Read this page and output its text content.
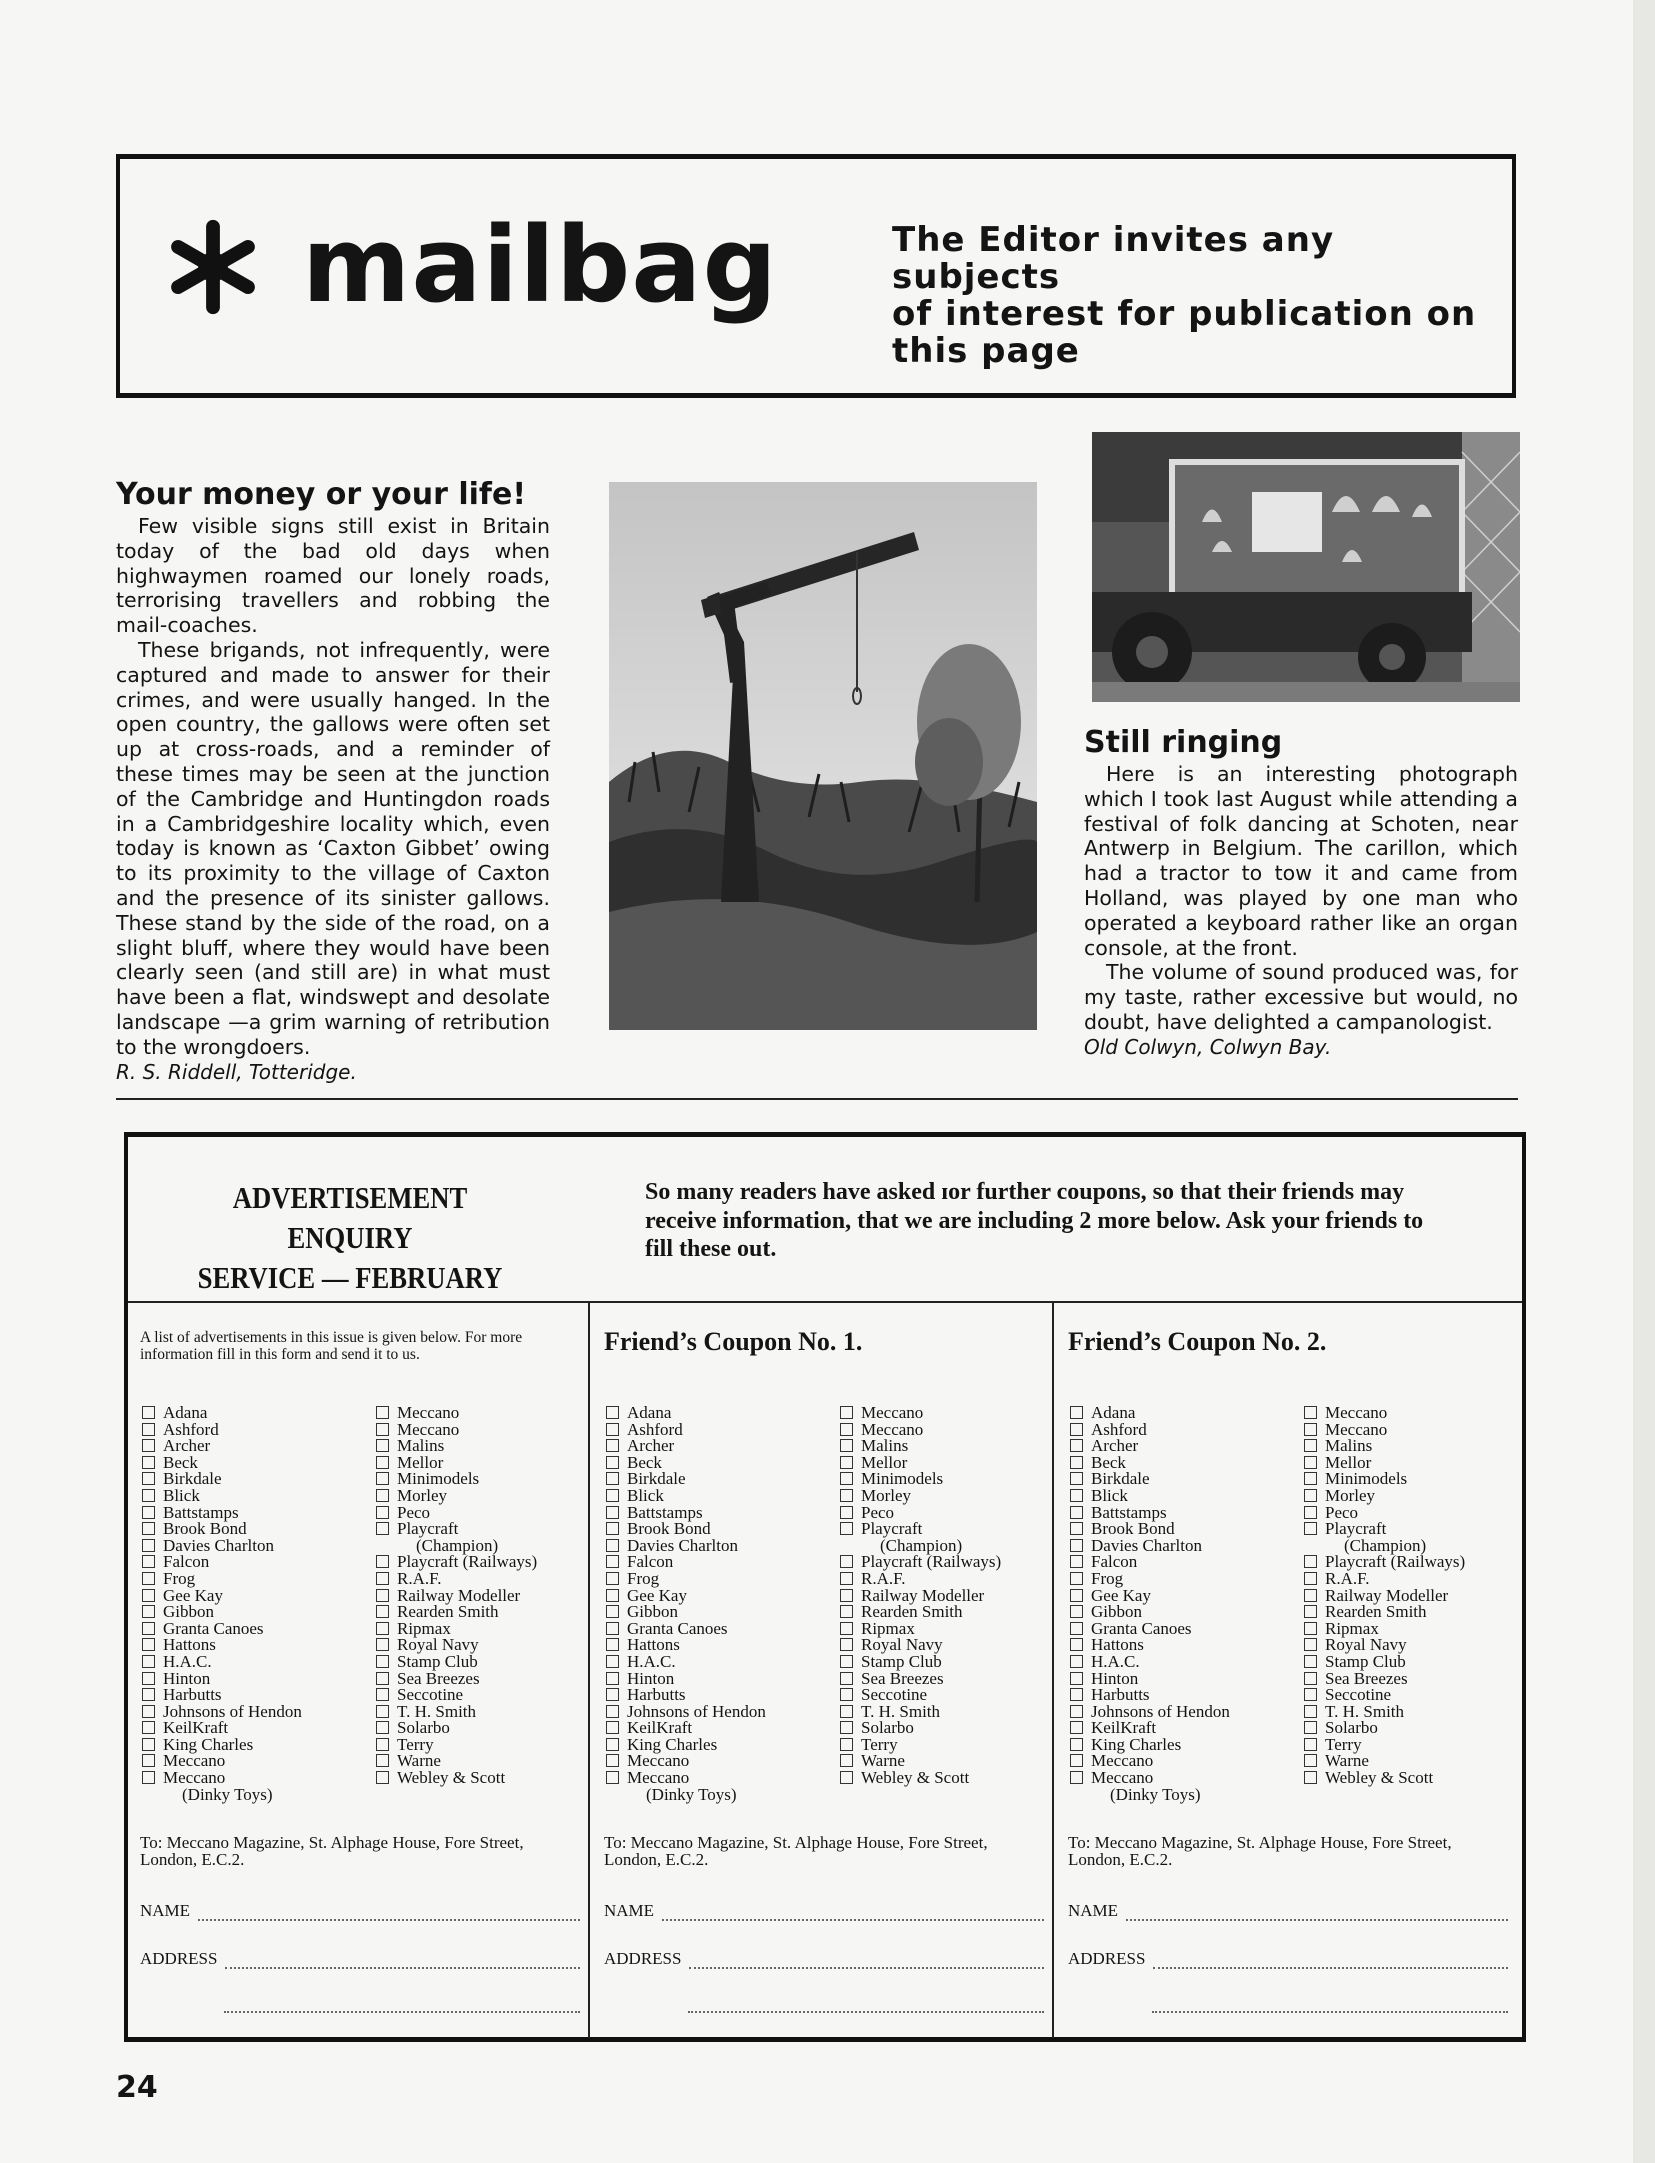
mailbag	The Editor invites any subjects
of interest for publication on
this page
Your money or your life!

Few visible signs still exist in Britain today of the bad old days when highwaymen roamed our lonely roads, terrorising travellers and robbing the mail-coaches.

These brigands, not infrequently, were captured and made to answer for their crimes, and were usually hanged. In the open country, the gallows were often set up at cross-roads, and a reminder of these times may be seen at the junction of the Cambridge and Huntingdon roads in a Cambridgeshire locality which, even today is known as ‘Caxton Gibbet’ owing to its proximity to the village of Caxton and the presence of its sinister gallows. These stand by the side of the road, on a slight bluff, where they would have been clearly seen (and still are) in what must have been a flat, windswept and desolate landscape —a grim warning of retribution to the wrongdoers.

R. S. Riddell, Totteridge.

Still ringing

Here is an interesting photograph which I took last August while attending a festival of folk dancing at Schoten, near Antwerp in Belgium. The carillon, which had a tractor to tow it and came from Holland, was played by one man who operated a keyboard rather like an organ console, at the front.

The volume of sound produced was, for my taste, rather excessive but would, no doubt, have delighted a campanologist.

Old Colwyn, Colwyn Bay.

ADVERTISEMENT ENQUIRY
SERVICE — FEBRUARY
So many readers have asked ɪor further coupons, so that their friends may receive information, that we are including 2 more below. Ask your friends to fill these out.
A list of advertisements in this issue is given below. For more information fill in this form and send it to us.
Adana
Ashford
Archer
Beck
Birkdale
Blick
Battstamps
Brook Bond
Davies Charlton
Falcon
Frog
Gee Kay
Gibbon
Granta Canoes
Hattons
H.A.C.
Hinton
Harbutts
Johnsons of Hendon
KeilKraft
King Charles
Meccano
Meccano
(Dinky Toys)
Meccano
Meccano
Malins
Mellor
Minimodels
Morley
Peco
Playcraft
(Champion)
Playcraft (Railways)
R.A.F.
Railway Modeller
Rearden Smith
Ripmax
Royal Navy
Stamp Club
Sea Breezes
Seccotine
T. H. Smith
Solarbo
Terry
Warne
Webley & Scott
To: Meccano Magazine, St. Alphage House, Fore Street, London, E.C.2.
NAME
ADDRESS
Friend’s Coupon No. 1.
Adana
Ashford
Archer
Beck
Birkdale
Blick
Battstamps
Brook Bond
Davies Charlton
Falcon
Frog
Gee Kay
Gibbon
Granta Canoes
Hattons
H.A.C.
Hinton
Harbutts
Johnsons of Hendon
KeilKraft
King Charles
Meccano
Meccano
(Dinky Toys)
Meccano
Meccano
Malins
Mellor
Minimodels
Morley
Peco
Playcraft
(Champion)
Playcraft (Railways)
R.A.F.
Railway Modeller
Rearden Smith
Ripmax
Royal Navy
Stamp Club
Sea Breezes
Seccotine
T. H. Smith
Solarbo
Terry
Warne
Webley & Scott
To: Meccano Magazine, St. Alphage House, Fore Street, London, E.C.2.
NAME
ADDRESS
Friend’s Coupon No. 2.
Adana
Ashford
Archer
Beck
Birkdale
Blick
Battstamps
Brook Bond
Davies Charlton
Falcon
Frog
Gee Kay
Gibbon
Granta Canoes
Hattons
H.A.C.
Hinton
Harbutts
Johnsons of Hendon
KeilKraft
King Charles
Meccano
Meccano
(Dinky Toys)
Meccano
Meccano
Malins
Mellor
Minimodels
Morley
Peco
Playcraft
(Champion)
Playcraft (Railways)
R.A.F.
Railway Modeller
Rearden Smith
Ripmax
Royal Navy
Stamp Club
Sea Breezes
Seccotine
T. H. Smith
Solarbo
Terry
Warne
Webley & Scott
To: Meccano Magazine, St. Alphage House, Fore Street, London, E.C.2.
NAME
ADDRESS
24
